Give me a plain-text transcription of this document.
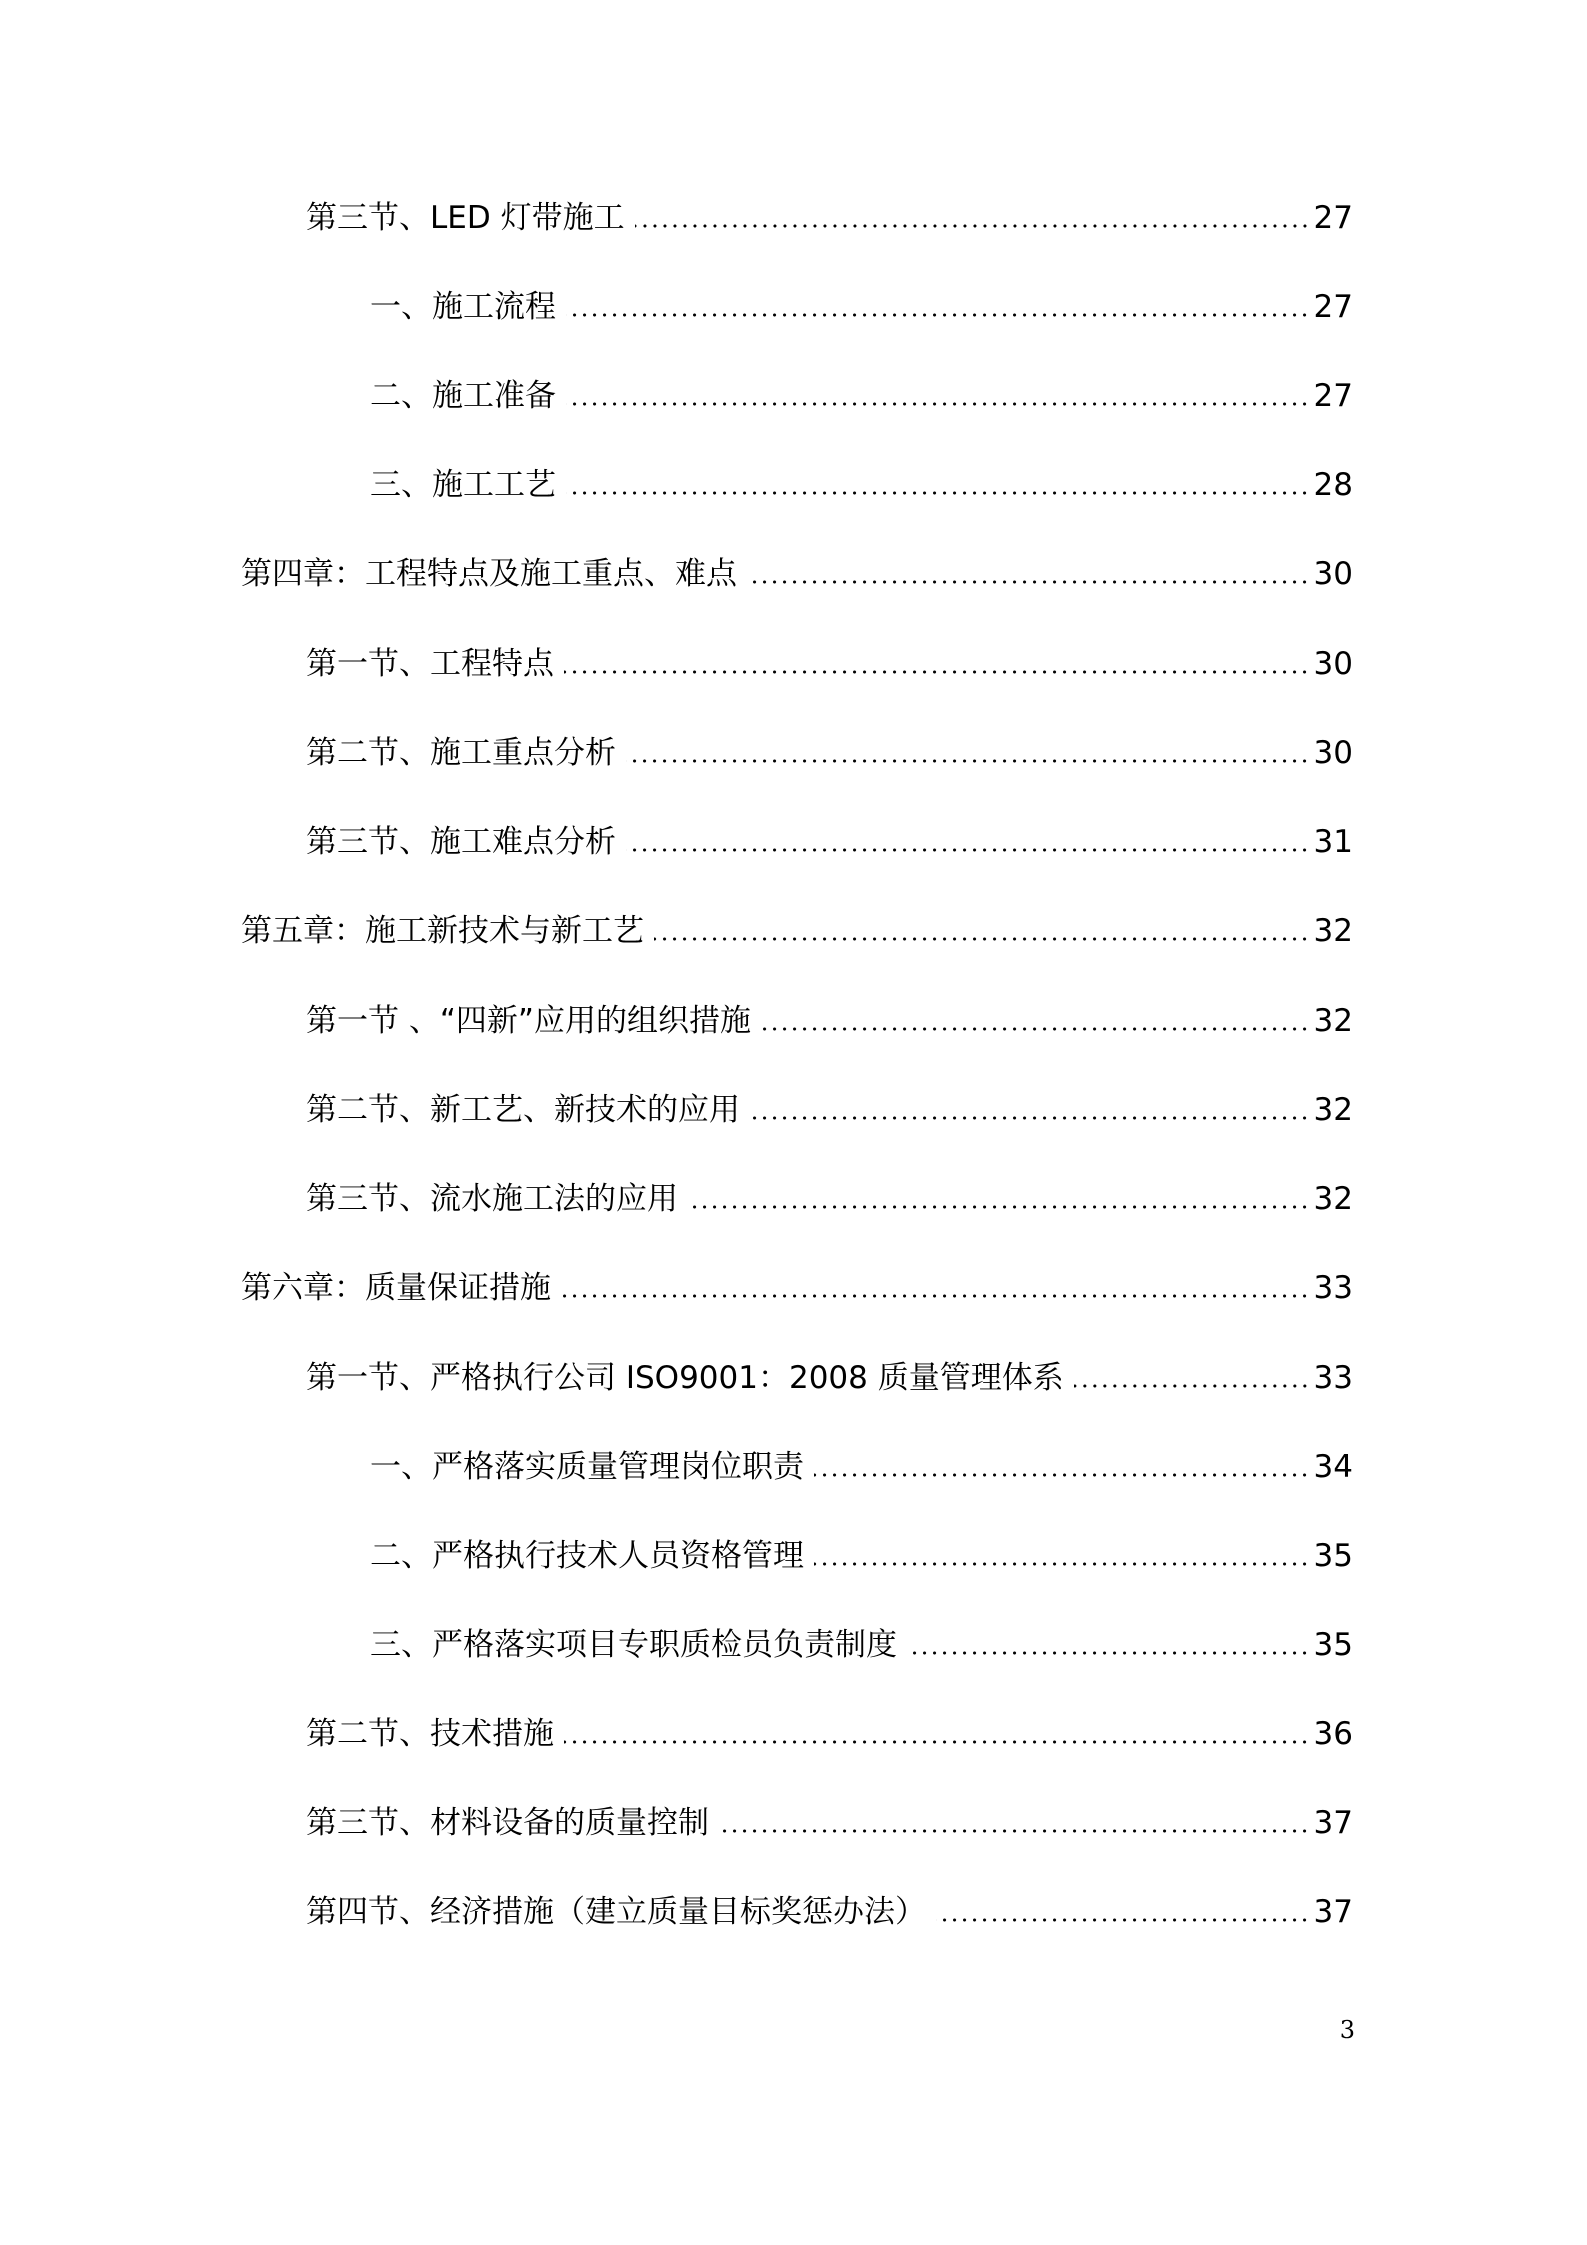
第三节、LED 灯带施工	27
一、施工流程	27
二、施工准备	27
三、施工工艺	28
第四章：工程特点及施工重点、难点	30
第一节、工程特点	30
第二节、施工重点分析	30
第三节、施工难点分析	31
第五章：施工新技术与新工艺	32
第一节 、“四新”应用的组织措施	32
第二节、新工艺、新技术的应用	32
第三节、流水施工法的应用	32
第六章：质量保证措施	33
第一节、严格执行公司 ISO9001：2008 质量管理体系	33
一、严格落实质量管理岗位职责	34
二、严格执行技术人员资格管理	35
三、严格落实项目专职质检员负责制度	35
第二节、技术措施	36
第三节、材料设备的质量控制	37
第四节、经济措施（建立质量目标奖惩办法）	37
3
